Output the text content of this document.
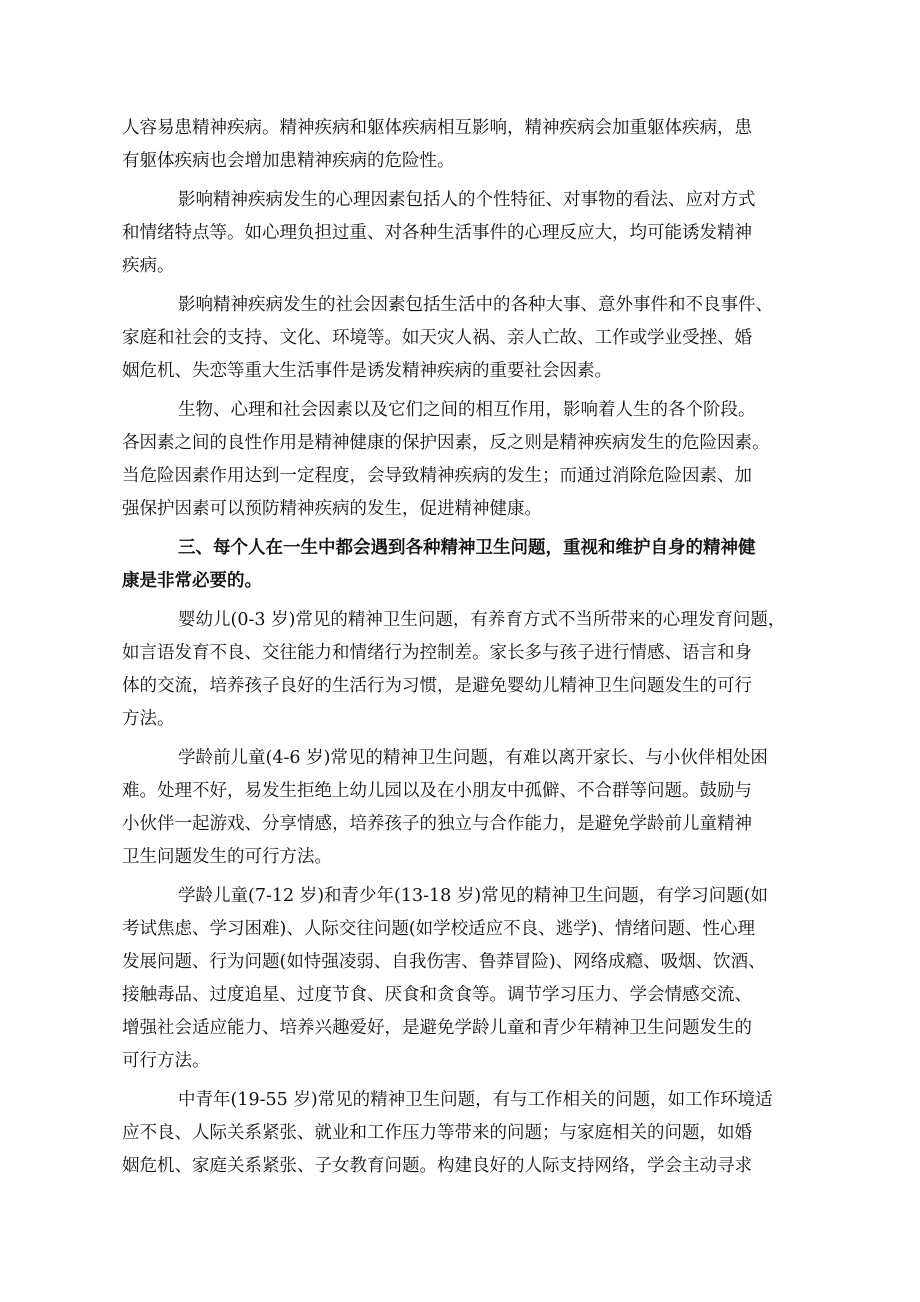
人容易患精神疾病。精神疾病和躯体疾病相互影响，精神疾病会加重躯体疾病，患
有躯体疾病也会增加患精神疾病的危险性。
影响精神疾病发生的心理因素包括人的个性特征、对事物的看法、应对方式
和情绪特点等。如心理负担过重、对各种生活事件的心理反应大，均可能诱发精神
疾病。
影响精神疾病发生的社会因素包括生活中的各种大事、意外事件和不良事件、
家庭和社会的支持、文化、环境等。如天灾人祸、亲人亡故、工作或学业受挫、婚
姻危机、失恋等重大生活事件是诱发精神疾病的重要社会因素。
生物、心理和社会因素以及它们之间的相互作用，影响着人生的各个阶段。
各因素之间的良性作用是精神健康的保护因素，反之则是精神疾病发生的危险因素。
当危险因素作用达到一定程度，会导致精神疾病的发生；而通过消除危险因素、加
强保护因素可以预防精神疾病的发生，促进精神健康。
三、每个人在一生中都会遇到各种精神卫生问题，重视和维护自身的精神健
康是非常必要的。
婴幼儿(0-3 岁)常见的精神卫生问题，有养育方式不当所带来的心理发育问题，
如言语发育不良、交往能力和情绪行为控制差。家长多与孩子进行情感、语言和身
体的交流，培养孩子良好的生活行为习惯，是避免婴幼儿精神卫生问题发生的可行
方法。
学龄前儿童(4-6 岁)常见的精神卫生问题，有难以离开家长、与小伙伴相处困
难。处理不好，易发生拒绝上幼儿园以及在小朋友中孤僻、不合群等问题。鼓励与
小伙伴一起游戏、分享情感，培养孩子的独立与合作能力，是避免学龄前儿童精神
卫生问题发生的可行方法。
学龄儿童(7-12 岁)和青少年(13-18 岁)常见的精神卫生问题，有学习问题(如
考试焦虑、学习困难)、人际交往问题(如学校适应不良、逃学)、情绪问题、性心理
发展问题、行为问题(如恃强凌弱、自我伤害、鲁莽冒险)、网络成瘾、吸烟、饮酒、
接触毒品、过度追星、过度节食、厌食和贪食等。调节学习压力、学会情感交流、
增强社会适应能力、培养兴趣爱好，是避免学龄儿童和青少年精神卫生问题发生的
可行方法。
中青年(19-55 岁)常见的精神卫生问题，有与工作相关的问题，如工作环境适
应不良、人际关系紧张、就业和工作压力等带来的问题；与家庭相关的问题，如婚
姻危机、家庭关系紧张、子女教育问题。构建良好的人际支持网络，学会主动寻求
